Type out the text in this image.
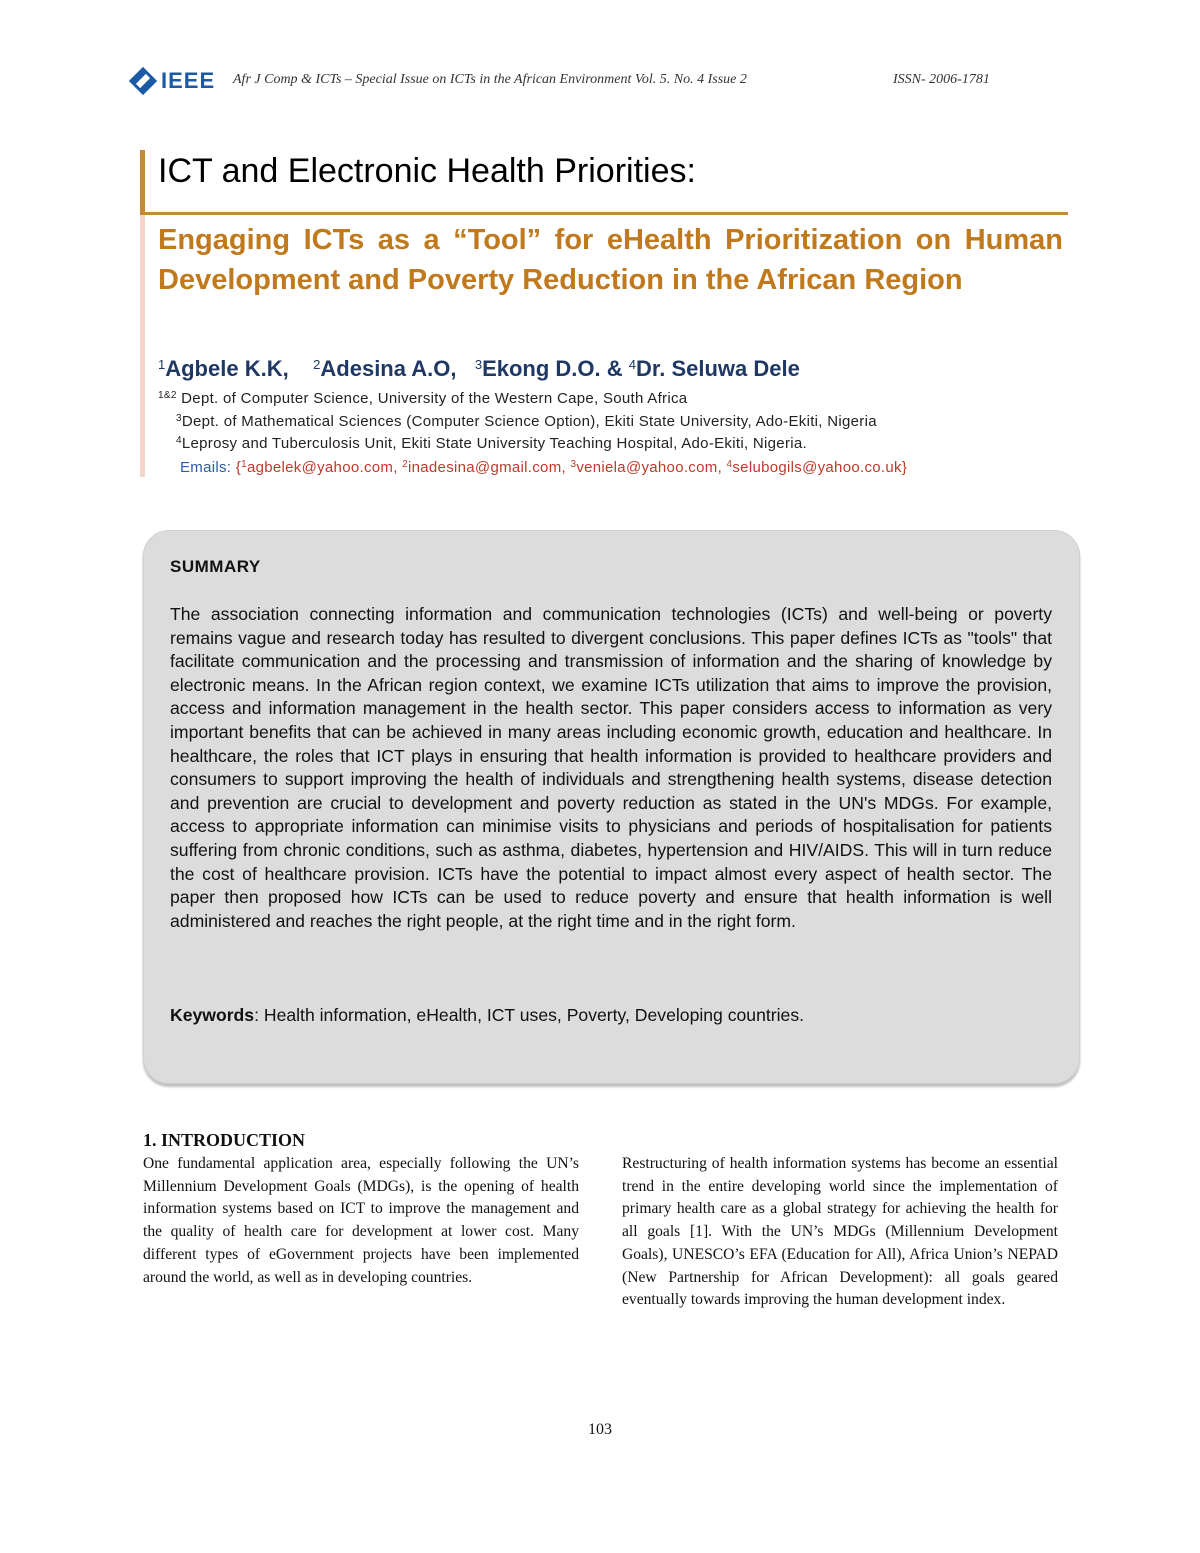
IEEE Afr J Comp & ICTs – Special Issue on ICTs in the African Environment Vol. 5. No. 4 Issue 2	ISSN- 2006-1781
ICT and Electronic Health Priorities:
Engaging ICTs as a “Tool” for eHealth Prioritization on Human Development and Poverty Reduction in the African Region
$^1$Agbele K.K, $^2$Adesina A.O, $^3$Ekong D.O. & $^4$Dr. Seluwa Dele
$^{1\&2}$ Dept. of Computer Science, University of the Western Cape, South Africa
$^3$Dept. of Mathematical Sciences (Computer Science Option), Ekiti State University, Ado-Ekiti, Nigeria
$^4$Leprosy and Tuberculosis Unit, Ekiti State University Teaching Hospital, Ado-Ekiti, Nigeria.
Emails: {$^1$agbelek@yahoo.com, $^2$inadesina@gmail.com, $^3$veniela@yahoo.com, $^4$selubogils@yahoo.co.uk}
SUMMARY
The association connecting information and communication technologies (ICTs) and well-being or poverty remains vague and research today has resulted to divergent conclusions. This paper defines ICTs as "tools" that facilitate communication and the processing and transmission of information and the sharing of knowledge by electronic means. In the African region context, we examine ICTs utilization that aims to improve the provision, access and information management in the health sector. This paper considers access to information as very important benefits that can be achieved in many areas including economic growth, education and healthcare. In healthcare, the roles that ICT plays in ensuring that health information is provided to healthcare providers and consumers to support improving the health of individuals and strengthening health systems, disease detection and prevention are crucial to development and poverty reduction as stated in the UN's MDGs. For example, access to appropriate information can minimise visits to physicians and periods of hospitalisation for patients suffering from chronic conditions, such as asthma, diabetes, hypertension and HIV/AIDS. This will in turn reduce the cost of healthcare provision. ICTs have the potential to impact almost every aspect of health sector. The paper then proposed how ICTs can be used to reduce poverty and ensure that health information is well administered and reaches the right people, at the right time and in the right form.
Keywords: Health information, eHealth, ICT uses, Poverty, Developing countries.
1. INTRODUCTION
One fundamental application area, especially following the UN’s Millennium Development Goals (MDGs), is the opening of health information systems based on ICT to improve the management and the quality of health care for development at lower cost. Many different types of eGovernment projects have been implemented around the world, as well as in developing countries.
Restructuring of health information systems has become an essential trend in the entire developing world since the implementation of primary health care as a global strategy for achieving the health for all goals [1]. With the UN’s MDGs (Millennium Development Goals), UNESCO’s EFA (Education for All), Africa Union’s NEPAD (New Partnership for African Development): all goals geared eventually towards improving the human development index.
103
